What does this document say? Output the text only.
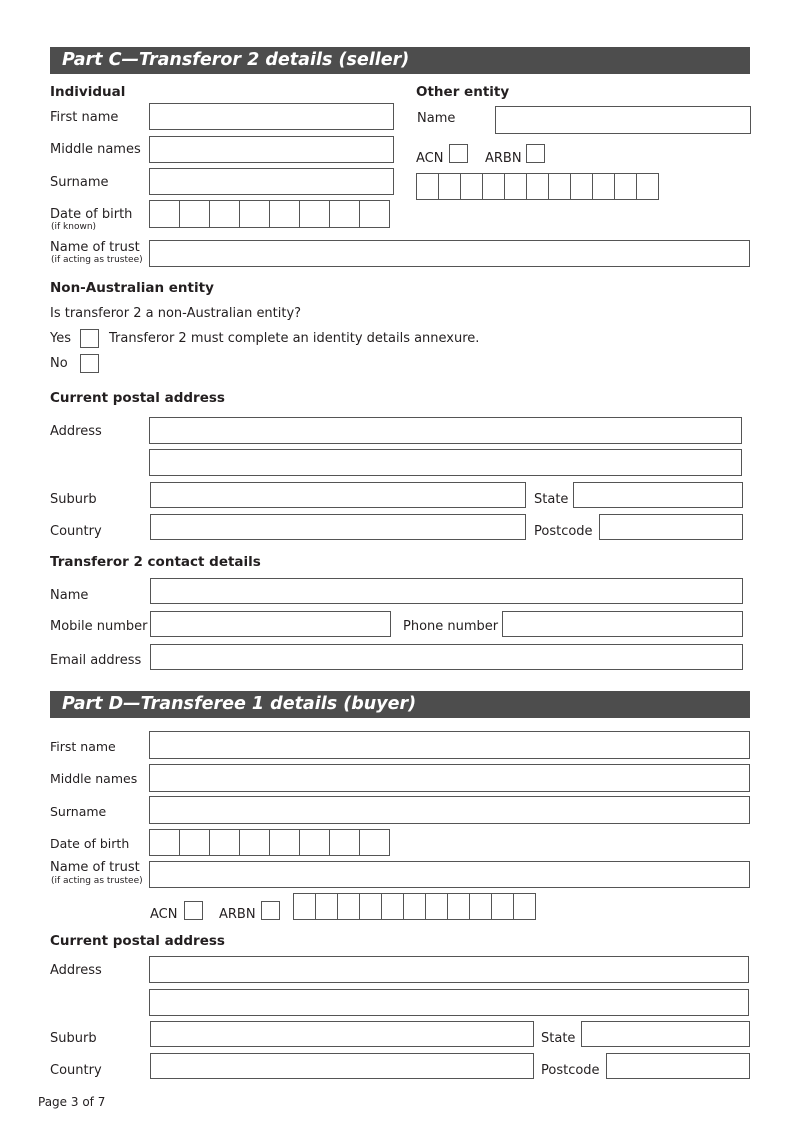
Part C—Transferor 2 details (seller)
Individual
First name
Middle names
Surname
Date of birth
(if known)
Name of trust
(if acting as trustee)
Other entity
Name
ACN	ARBN
Non-Australian entity
Is transferor 2 a non-Australian entity?
Yes	Transferor 2 must complete an identity details annexure.
No
Current postal address
Address
Suburb	State
Country	Postcode
Transferor 2 contact details
Name
Mobile number	Phone number
Email address
Part D—Transferee 1 details (buyer)
First name
Middle names
Surname
Date of birth
Name of trust
(if acting as trustee)
ACN	ARBN
Current postal address
Address
Suburb	State
Country	Postcode
Page 3 of 7
